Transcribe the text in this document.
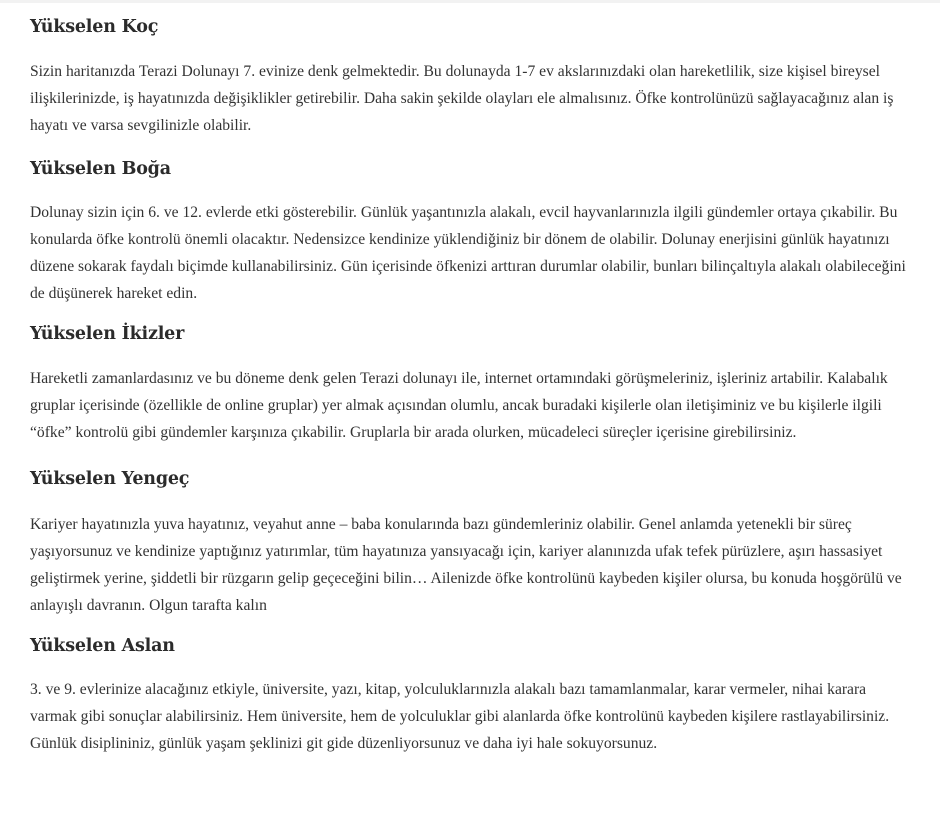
Yükselen Koç

Sizin haritanızda Terazi Dolunayı 7. evinize denk gelmektedir. Bu dolunayda 1-7 ev akslarınızdaki olan hareketlilik, size kişisel bireysel ilişkilerinizde, iş hayatınızda değişiklikler getirebilir. Daha sakin şekilde olayları ele almalısınız. Öfke kontrolünüzü sağlayacağınız alan iş hayatı ve varsa sevgilinizle olabilir.

Yükselen Boğa

Dolunay sizin için 6. ve 12. evlerde etki gösterebilir. Günlük yaşantınızla alakalı, evcil hayvanlarınızla ilgili gündemler ortaya çıkabilir. Bu konularda öfke kontrolü önemli olacaktır. Nedensizce kendinize yüklendiğiniz bir dönem de olabilir. Dolunay enerjisini günlük hayatınızı düzene sokarak faydalı biçimde kullanabilirsiniz. Gün içerisinde öfkenizi arttıran durumlar olabilir, bunları bilinçaltıyla alakalı olabileceğini de düşünerek hareket edin.

Yükselen İkizler

Hareketli zamanlardasınız ve bu döneme denk gelen Terazi dolunayı ile, internet ortamındaki görüşmeleriniz, işleriniz artabilir. Kalabalık gruplar içerisinde (özellikle de online gruplar) yer almak açısından olumlu, ancak buradaki kişilerle olan iletişiminiz ve bu kişilerle ilgili “öfke” kontrolü gibi gündemler karşınıza çıkabilir. Gruplarla bir arada olurken, mücadeleci süreçler içerisine girebilirsiniz.

Yükselen Yengeç

Kariyer hayatınızla yuva hayatınız, veyahut anne – baba konularında bazı gündemleriniz olabilir. Genel anlamda yetenekli bir süreç yaşıyorsunuz ve kendinize yaptığınız yatırımlar, tüm hayatınıza yansıyacağı için, kariyer alanınızda ufak tefek pürüzlere, aşırı hassasiyet geliştirmek yerine, şiddetli bir rüzgarın gelip geçeceğini bilin… Ailenizde öfke kontrolünü kaybeden kişiler olursa, bu konuda hoşgörülü ve anlayışlı davranın. Olgun tarafta kalın

Yükselen Aslan

3. ve 9. evlerinize alacağınız etkiyle, üniversite, yazı, kitap, yolculuklarınızla alakalı bazı tamamlanmalar, karar vermeler, nihai karara varmak gibi sonuçlar alabilirsiniz. Hem üniversite, hem de yolculuklar gibi alanlarda öfke kontrolünü kaybeden kişilere rastlayabilirsiniz. Günlük disiplininiz, günlük yaşam şeklinizi git gide düzenliyorsunuz ve daha iyi hale sokuyorsunuz.
